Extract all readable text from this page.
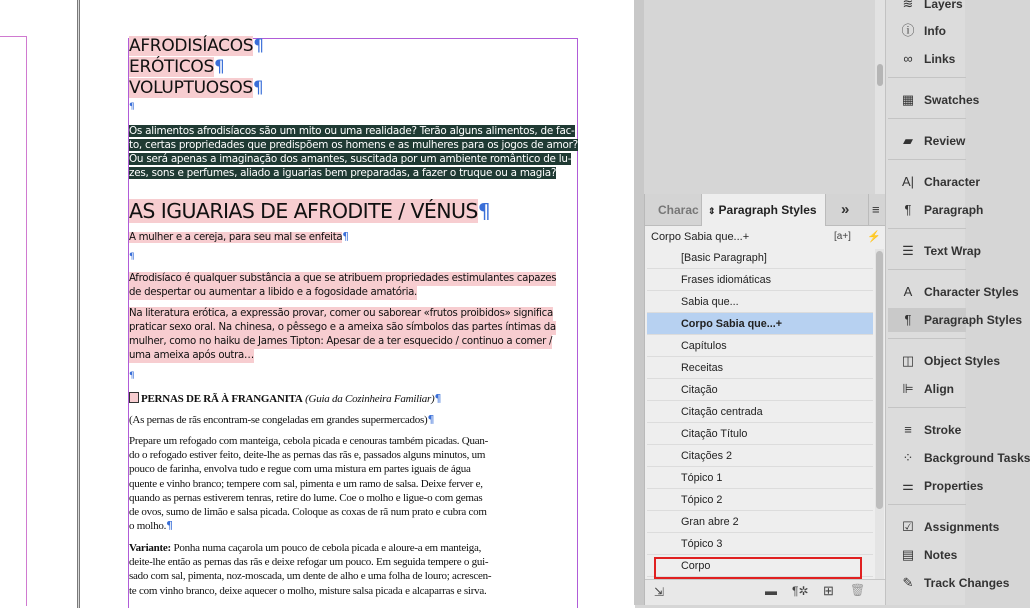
AFRODISÍACOS ¶
ERÓTICOS ¶
VOLUPTUOSOS ¶
¶
Os alimentos afrodisíacos são um mito ou uma realidade? Terão alguns alimentos, de fac-
to, certas propriedades que predispõem os homens e as mulheres para os jogos de amor?
Ou será apenas a imaginação dos amantes, suscitada por um ambiente romântico de lu-
zes, sons e perfumes, aliado a iguarias bem preparadas, a fazer o truque ou a magia?
AS IGUARIAS DE AFRODITE / VÉNUS ¶
A mulher e a cereja, para seu mal se enfeita ¶
¶
Afrodisíaco é qualquer substância a que se atribuem propriedades estimulantes capazes
de despertar ou aumentar a libido e a fogosidade amatória.
Na literatura erótica, a expressão provar, comer ou saborear «frutos proibidos» significa
praticar sexo oral. Na chinesa, o pêssego e a ameixa são símbolos das partes íntimas da
mulher, como no haiku de James Tipton: Apesar de a ter esquecido / continuo a comer /
uma ameixa após outra…
¶
PERNAS DE RÃ À FRANGANITA (Guia da Cozinheira Familiar) ¶
(As pernas de rãs encontram-se congeladas em grandes supermercados) ¶
Prepare um refogado com manteiga, cebola picada e cenouras também picadas. Quan-
do o refogado estiver feito, deite-lhe as pernas das rãs e, passados alguns minutos, um
pouco de farinha, envolva tudo e regue com uma mistura em partes iguais de água
quente e vinho branco; tempere com sal, pimenta e um ramo de salsa. Deixe ferver e,
quando as pernas estiverem tenras, retire do lume. Coe o molho e ligue-o com gemas
de ovos, sumo de limão e salsa picada. Coloque as coxas de rã num prato e cubra com
o molho. ¶
Variante: Ponha numa caçarola um pouco de cebola picada e aloure-a em manteiga,
deite-lhe então as pernas das rãs e deixe refogar um pouco. Em seguida tempere o gui-
sado com sal, pimenta, noz-moscada, um dente de alho e uma folha de louro; acrescen-
te com vinho branco, deixe aquecer o molho, misture salsa picada e alcaparras e sirva.
Charac	⇕ Paragraph Styles	»	≡
Corpo Sabia que...+	[a+] ⚡
[Basic Paragraph]
Frases idiomáticas
Sabia que...
Corpo Sabia que...+
Capítulos
Receitas
Citação
Citação centrada
Citação Título
Citações 2
Tópico 1
Tópico 2
Gran abre 2
Tópico 3
Corpo
⇲	▬ ¶✲ ⊞ 🗑
≋ Layers
ⓘ Info
∞ Links
▦ Swatches
▰ Review
A| Character
¶	Paragraph
☰ Text Wrap
A Character Styles
¶	Paragraph Styles
◫ Object Styles
⊫ Align
≡	Stroke
⁘ Background Tasks
⚌ Properties
☑ Assignments
▤ Notes
✎ Track Changes
